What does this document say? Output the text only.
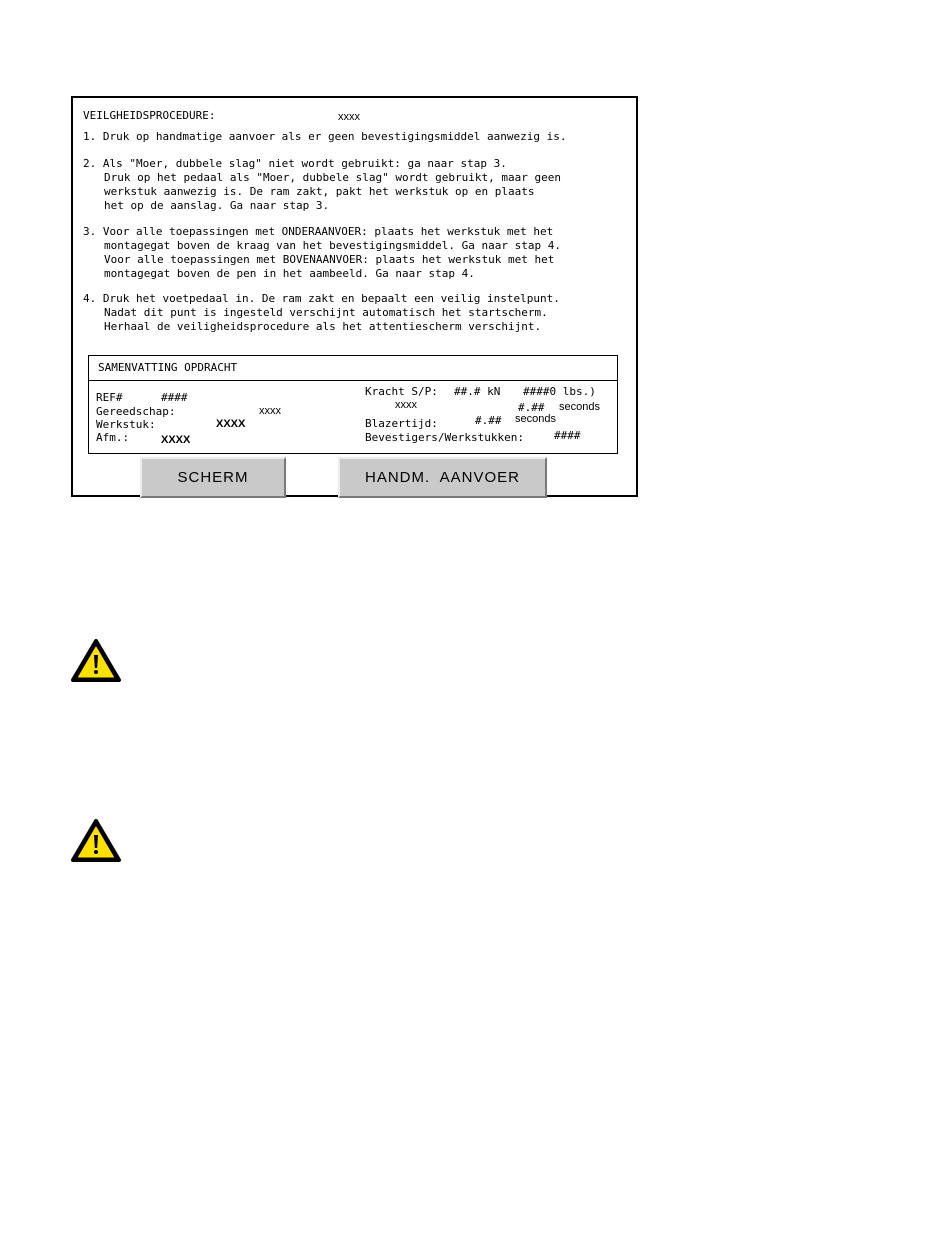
VEILGHEIDSPROCEDURE:	xxxx
1. Druk op handmatige aanvoer als er geen bevestigingsmiddel aanwezig is.
2. Als "Moer, dubbele slag" niet wordt gebruikt: ga naar stap 3.
Druk op het pedaal als "Moer, dubbele slag" wordt gebruikt, maar geen
werkstuk aanwezig is. De ram zakt, pakt het werkstuk op en plaats
het op de aanslag. Ga naar stap 3.
3. Voor alle toepassingen met ONDERAANVOER: plaats het werkstuk met het
montagegat boven de kraag van het bevestigingsmiddel. Ga naar stap 4.
Voor alle toepassingen met BOVENAANVOER: plaats het werkstuk met het
montagegat boven de pen in het aambeeld. Ga naar stap 4.
4. Druk het voetpedaal in. De ram zakt en bepaalt een veilig instelpunt.
Nadat dit punt is ingesteld verschijnt automatisch het startscherm.
Herhaal de veiligheidsprocedure als het attentiescherm verschijnt.
SAMENVATTING OPDRACHT
REF#	####
Gereedschap:	xxxx
Werkstuk:	XXXX
Afm.:	XXXX
Kracht S/P: ##.# kN ####0 lbs.)
xxxx	#.## seconds
Blazertijd:	#.## seconds
Bevestigers/Werkstukken:	####
SCHERM	HANDM.  AANVOER
